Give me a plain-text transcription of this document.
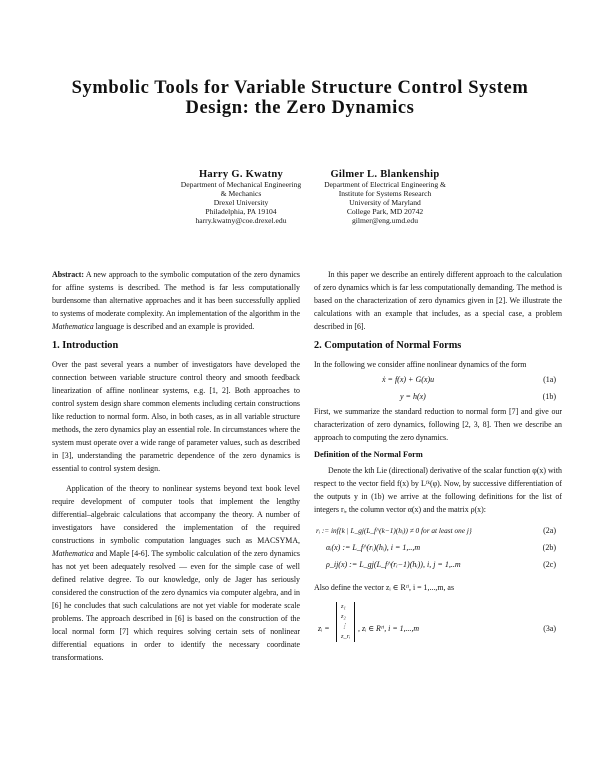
Symbolic Tools for Variable Structure Control System Design: the Zero Dynamics
Harry G. Kwatny
Department of Mechanical Engineering
& Mechanics
Drexel University
Philadelphia, PA 19104
harry.kwatny@coe.drexel.edu
Gilmer L. Blankenship
Department of Electrical Engineering &
Institute for Systems Research
University of Maryland
College Park, MD 20742
gilmer@eng.umd.edu

Abstract: A new approach to the symbolic computation of the zero dynamics for affine systems is described. The method is far less computationally burdensome than alternative approaches and it has been successfully applied to systems of moderate complexity. An implementation of the algorithm in the Mathematica language is described and an example is provided.

1. Introduction

Over the past several years a number of investigators have developed the connection between variable structure control theory and smooth feedback linearization of affine nonlinear systems, e.g. [1, 2]. Both approaches to control system design share common elements including certain constructions like reduction to normal form. Also, in both cases, as in all variable structure methods, the zero dynamics play an essential role. In circumstances where the system must operate over a wide range of parameter values, such as described in [3], understanding the parametric dependence of the zero dynamics is essential to control system design.

Application of the theory to nonlinear systems beyond text book level require development of computer tools that implement the lengthy differential–algebraic calculations that accompany the theory. A number of investigators have considered the implementation of the required constructions in symbolic computation languages such as MACSYMA, Mathematica and Maple [4-6]. The symbolic calculation of the zero dynamics has not yet been adequately resolved — even for the simple case of well defined relative degree. To our knowledge, only de Jager has seriously considered the construction of the zero dynamics via computer algebra, and in [6] he concludes that such calculations are not yet viable for moderate scale problems. The approach described in [6] is based on the construction of the local normal form [7] which requires solving certain sets of nonlinear differential equations in order to identify the necessary coordinate transformations.

In this paper we describe an entirely different approach to the calculation of zero dynamics which is far less computationally demanding. The method is based on the characterization of zero dynamics given in [2]. We illustrate the calculations with an example that includes, as a special case, a problem described in [6].

2. Computation of Normal Forms

In the following we consider affine nonlinear dynamics of the form

ẋ = f(x) + G(x)u	(1a)
y = h(x)	(1b)

First, we summarize the standard reduction to normal form [7] and give our characterization of zero dynamics, following [2, 3, 8]. Then we describe an approach to computing the zero dynamics.

Definition of the Normal Form

Denote the kth Lie (directional) derivative of the scalar function φ(x) with respect to the vector field f(x) by Lᶠᵏ(φ). Now, by successive differentiation of the outputs y in (1b) we arrive at the following definitions for the list of integers rᵢ, the column vector α(x) and the matrix ρ(x):

rᵢ := inf{k | L_gj(L_f^(k−1)(hᵢ)) ≠ 0 for at least one j}	(2a)
αᵢ(x) := L_f^(rᵢ)(hᵢ), i = 1,..,m	(2b)
ρ_ij(x) := L_gj(L_f^(rᵢ−1)(hᵢ)), i, j = 1,..m	(2c)

Also define the vector zᵢ ∈ Rʳⁱ, i = 1,...,m, as

zᵢ =
z₁
z₂
⋮
z_rᵢ
, zᵢ ∈ Rʳⁱ, i = 1,...,m	(3a)
